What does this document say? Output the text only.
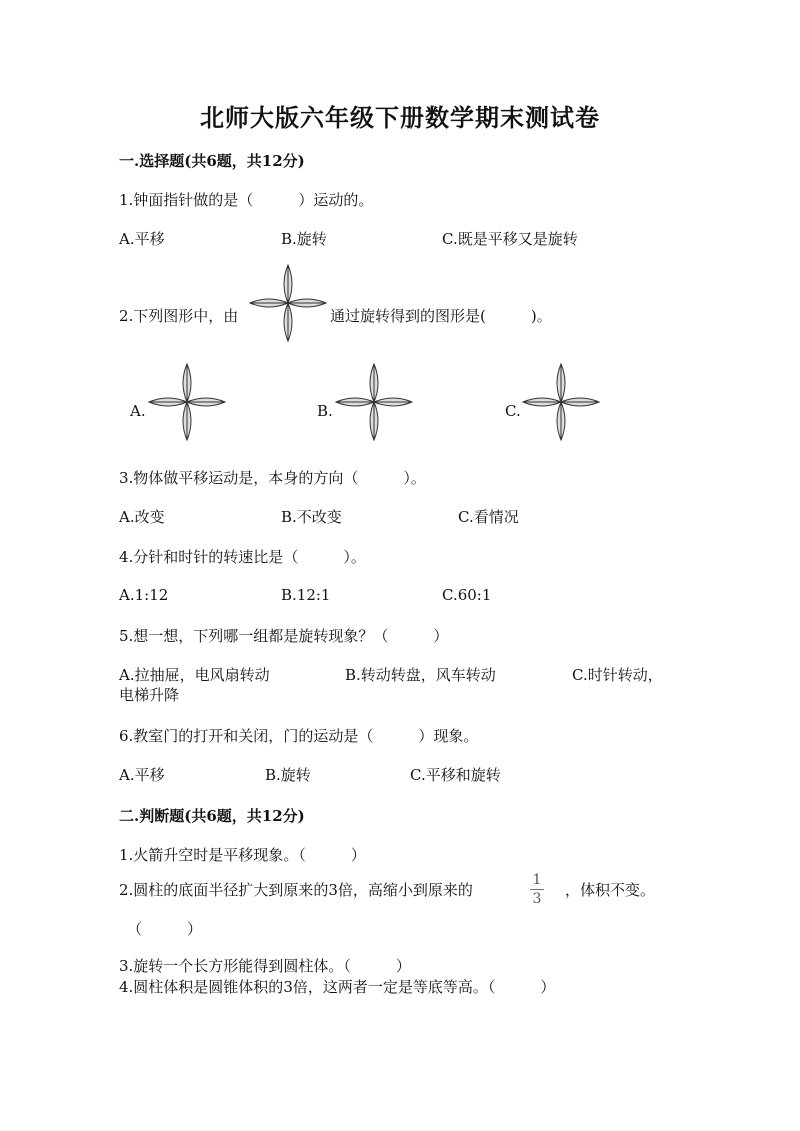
北师大版六年级下册数学期末测试卷
一.选择题(共6题，共12分)
1.钟面指针做的是（　　　）运动的。
A.平移	B.旋转	C.既是平移又是旋转
2.下列图形中，由	通过旋转得到的图形是(　　　)。
A.	B.	C.
3.物体做平移运动是，本身的方向（　　　）。
A.改变	B.不改变	C.看情况
4.分针和时针的转速比是（　　　）。
A.1:12	B.12:1	C.60:1
5.想一想，下列哪一组都是旋转现象？（　　　）
A.拉抽屉，电风扇转动	B.转动转盘，风车转动	C.时针转动，
电梯升降
6.教室门的打开和关闭，门的运动是（　　　）现象。
A.平移	B.旋转	C.平移和旋转
二.判断题(共6题，共12分)
1.火箭升空时是平移现象。（　　　）
2.圆柱的底面半径扩大到原来的3倍，高缩小到原来的
1
3	，体积不变。
（　　　）
3.旋转一个长方形能得到圆柱体。（　　　）
4.圆柱体积是圆锥体积的3倍，这两者一定是等底等高。（　　　）
